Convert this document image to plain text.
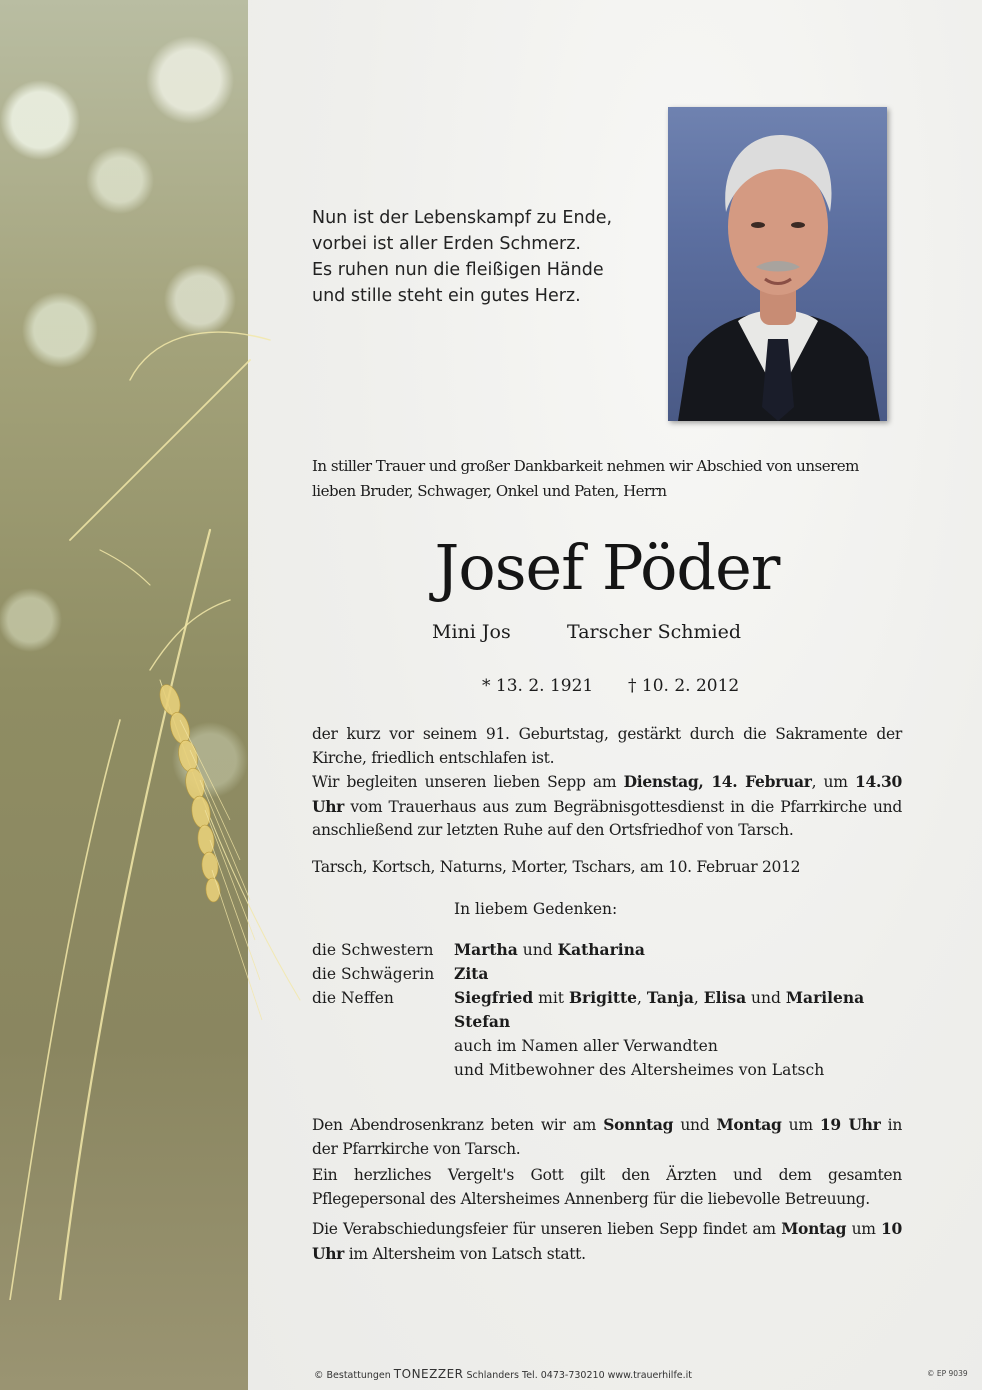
Nun ist der Lebenskampf zu Ende,
vorbei ist aller Erden Schmerz.
Es ruhen nun die fleißigen Hände
und stille steht ein gutes Herz.
In stiller Trauer und großer Dankbarkeit nehmen wir Abschied von unserem
lieben Bruder, Schwager, Onkel und Paten, Herrn
Josef Pöder
Mini Jos	Tarscher Schmied
* 13. 2. 1921 † 10. 2. 2012
der kurz vor seinem 91. Geburtstag, gestärkt durch die Sakramente der Kirche, friedlich entschlafen ist.
Wir begleiten unseren lieben Sepp am Dienstag, 14. Februar, um 14.30 Uhr vom Trauerhaus aus zum Begräbnisgottesdienst in die Pfarrkirche und anschließend zur letzten Ruhe auf den Ortsfriedhof von Tarsch.
Tarsch, Kortsch, Naturns, Morter, Tschars, am 10. Februar 2012
In liebem Gedenken:
die Schwestern	Martha und Katharina
die Schwägerin	Zita
die Neffen	Siegfried mit Brigitte, Tanja, Elisa und Marilena
Stefan
auch im Namen aller Verwandten
und Mitbewohner des Altersheimes von Latsch
Den Abendrosenkranz beten wir am Sonntag und Montag um 19 Uhr in der Pfarrkirche von Tarsch.
Ein herzliches Vergelt's Gott gilt den Ärzten und dem gesamten Pflegepersonal des Altersheimes Annenberg für die liebevolle Betreuung.
Die Verabschiedungsfeier für unseren lieben Sepp findet am Montag um 10 Uhr im Altersheim von Latsch statt.
© Bestattungen TONEZZER Schlanders Tel. 0473-730210 www.trauerhilfe.it	© EP 9039
